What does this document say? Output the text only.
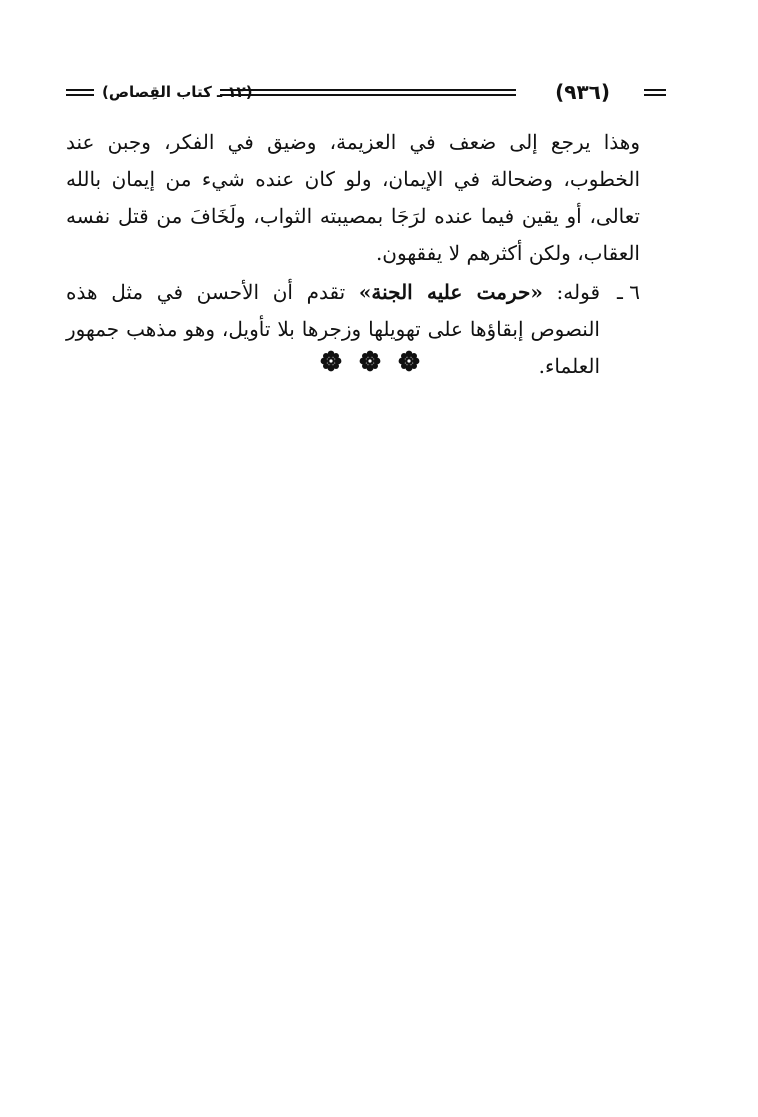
(٩٣٦)
(١٢ ـ كتاب القِصاص)

وهذا يرجع إلى ضعف في العزيمة، وضيق في الفكر، وجبن عند الخطوب، وضحالة في الإيمان، ولو كان عنده شيء من إيمان بالله تعالى، أو يقين فيما عنده لرَجَا بمصيبته الثواب، ولَخَافَ من قتل نفسه العقاب، ولكن أكثرهم لا يفقهون.

٦ ـ
قوله: «حرمت عليه الجنة» تقدم أن الأحسن في مثل هذه النصوص إبقاؤها على تهويلها وزجرها بلا تأويل، وهو مذهب جمهور العلماء.
